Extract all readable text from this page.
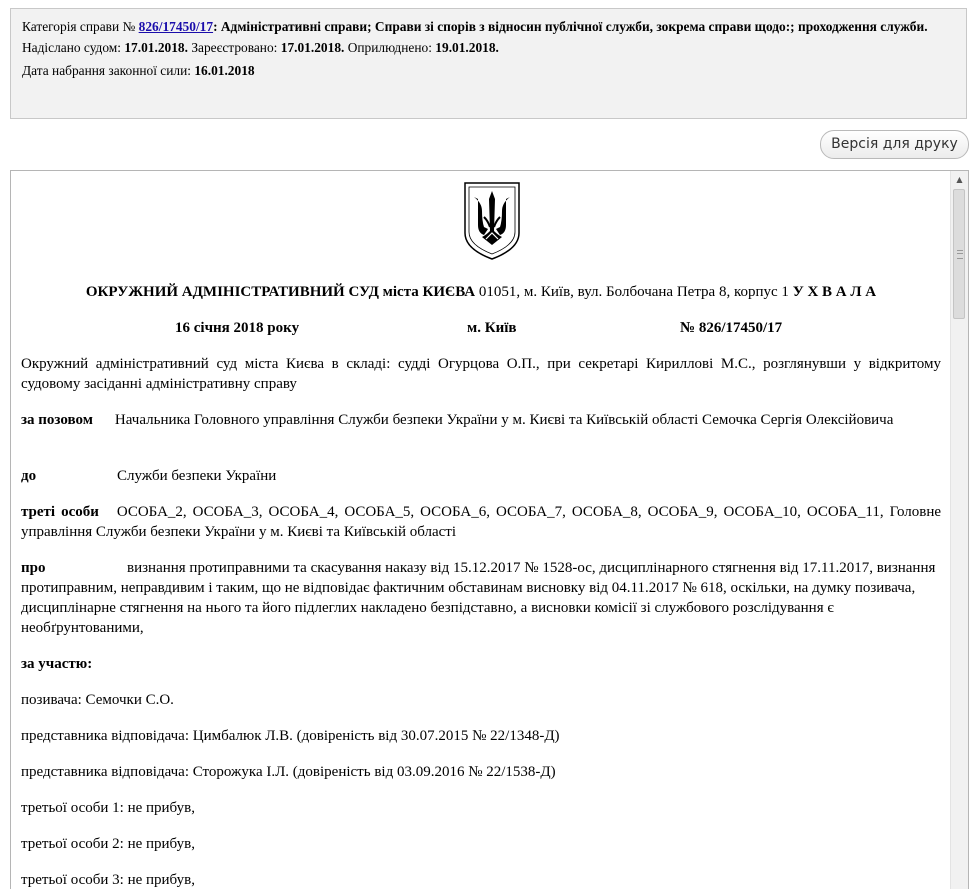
Категорія справи № 826/17450/17: Адміністративні справи; Справи зі спорів з відносин публічної служби, зокрема справи щодо:; проходження служби.
Надіслано судом: 17.01.2018. Зареєстровано: 17.01.2018. Оприлюднено: 19.01.2018.
Дата набрання законної сили: 16.01.2018
Версія для друку
ОКРУЖНИЙ АДМІНІСТРАТИВНИЙ СУД міста КИЄВА 01051, м. Київ, вул. Болбочана Петра 8, корпус 1 У Х В А Л А
16 січня 2018 року	м. Київ	№ 826/17450/17
Окружний адміністративний суд міста Києва в складі: судді Огурцова О.П., при секретарі Кириллові М.С., розглянувши у відкритому судовому засіданні адміністративну справу
за позовом Начальника Головного управління Служби безпеки України у м. Києві та Київській області Семочка Сергія Олексійовича
до	Служби безпеки України
треті особи ОСОБА_2, ОСОБА_3, ОСОБА_4, ОСОБА_5, ОСОБА_6, ОСОБА_7, ОСОБА_8, ОСОБА_9, ОСОБА_10, ОСОБА_11, Головне управління Служби безпеки України у м. Києві та Київській області
про	визнання протиправними та скасування наказу від 15.12.2017 № 1528-ос, дисциплінарного стягнення від 17.11.2017, визнання протиправним, неправдивим і таким, що не відповідає фактичним обставинам висновку від 04.11.2017 № 618, оскільки, на думку позивача, дисциплінарне стягнення на нього та його підлеглих накладено безпідставно, а висновки комісії зі службового розслідування є необґрунтованими,
за участю:
позивача: Семочки С.О.
представника відповідача: Цимбалюк Л.В. (довіреність від 30.07.2015 № 22/1348-Д)
представника відповідача: Сторожука І.Л. (довіреність від 03.09.2016 № 22/1538-Д)
третьої особи 1: не прибув,
третьої особи 2: не прибув,
третьої особи 3: не прибув,
▲
